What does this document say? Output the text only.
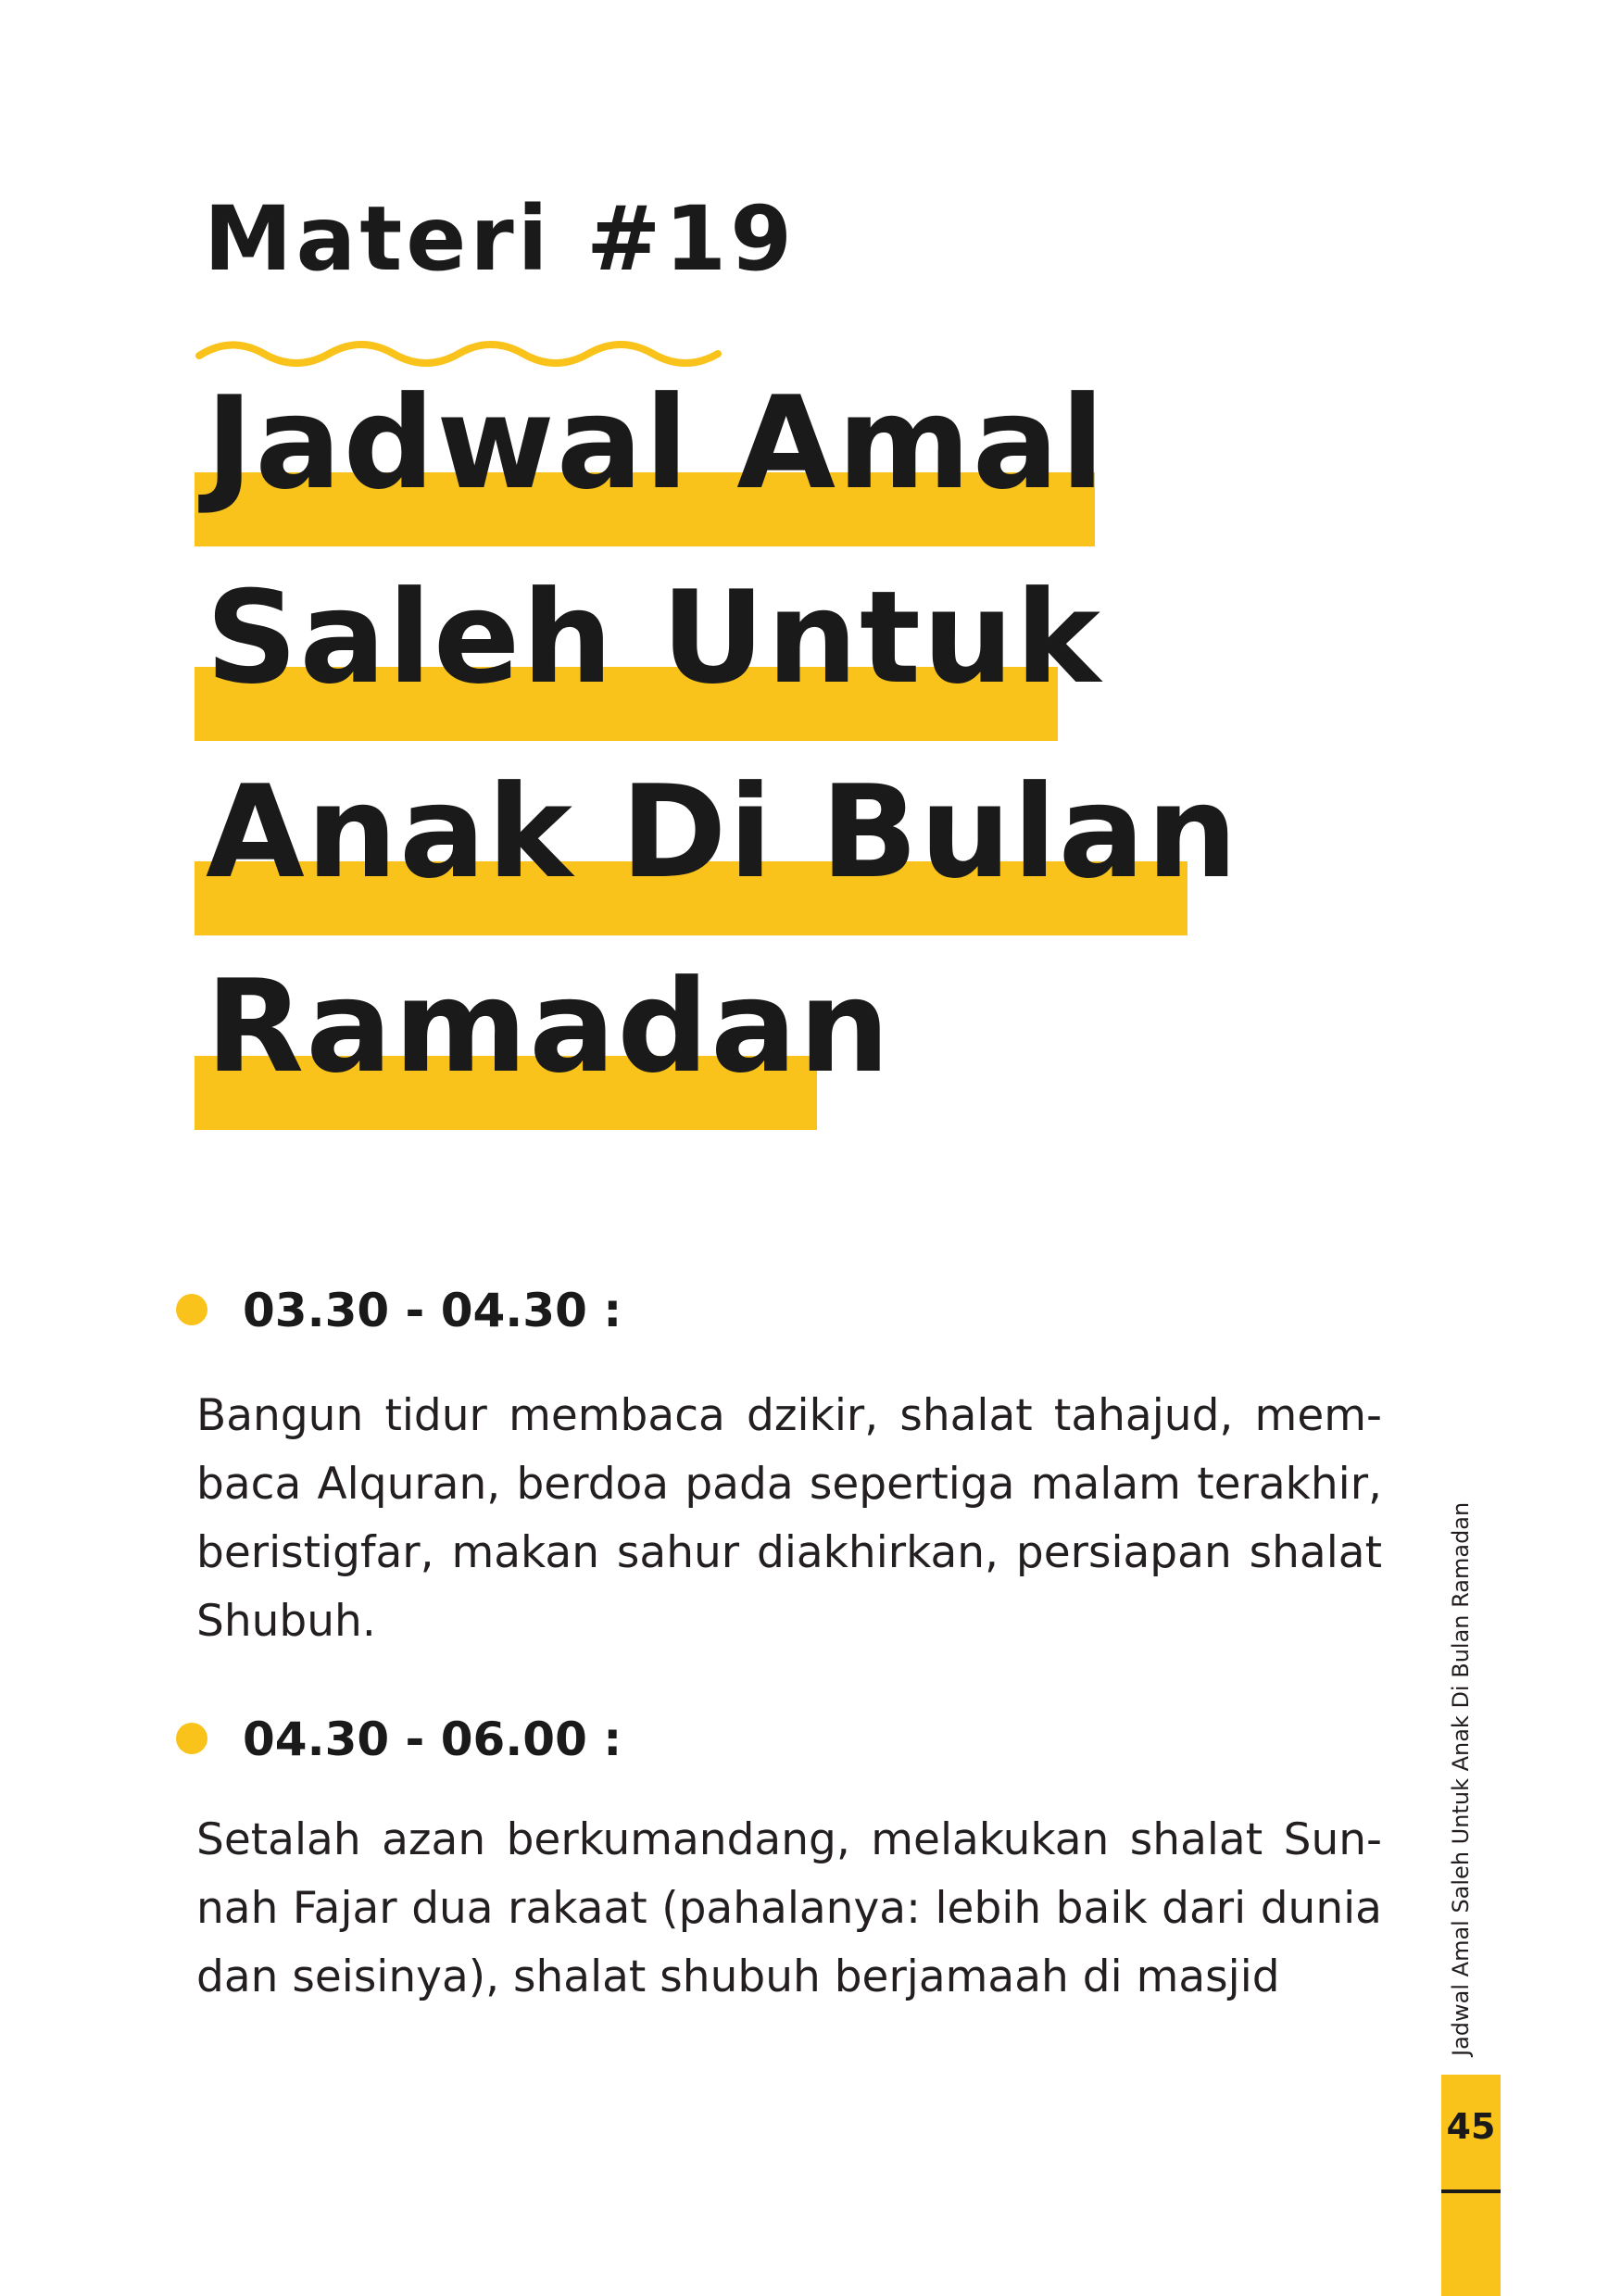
Materi #19
Jadwal Amal
Saleh Untuk
Anak Di Bulan
Ramadan
03.30 - 04.30 :

Bangun tidur membaca dzikir, shalat tahajud, mem-baca Alquran, berdoa pada sepertiga malam terakhir, beristigfar, makan sahur diakhirkan, persiapan shalat Shubuh.

04.30 - 06.00 :

Setalah azan berkumandang, melakukan shalat Sun-nah Fajar dua rakaat (pahalanya: lebih baik dari dunia dan seisinya), shalat shubuh berjamaah di masjid	Jadwal Amal Saleh Untuk Anak Di Bulan Ramadan
45
